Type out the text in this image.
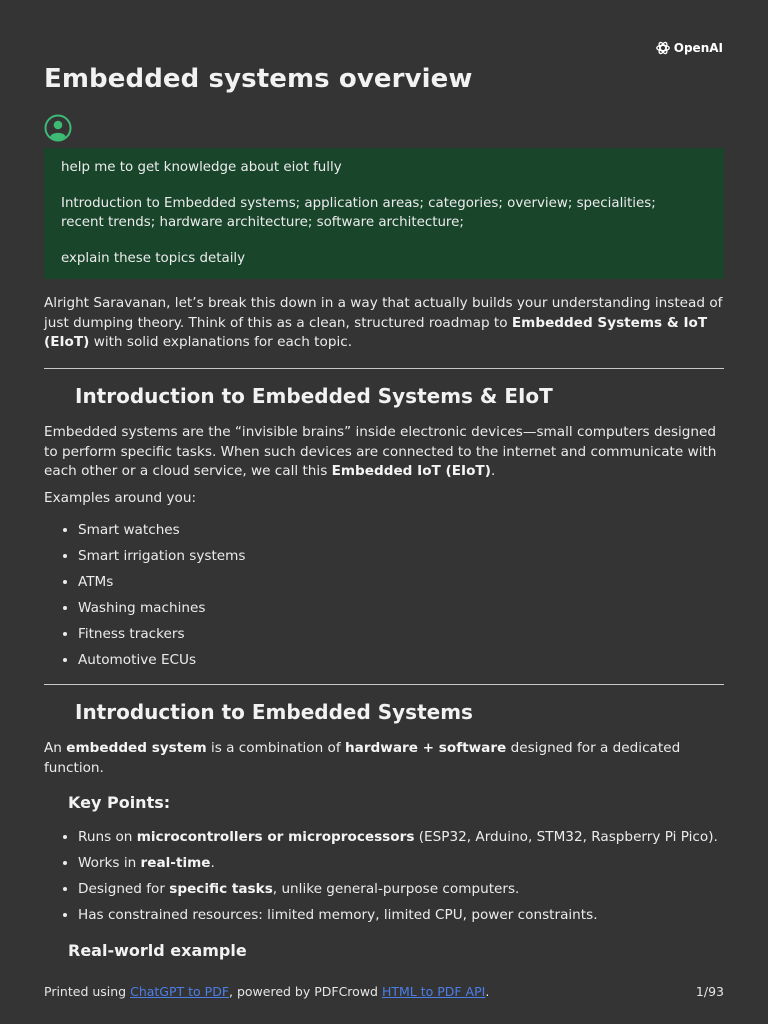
OpenAI
Embedded systems overview

help me to get knowledge about eiot fully

Introduction to Embedded systems; application areas; categories; overview; specialities;
recent trends; hardware architecture; software architecture;

explain these topics detaily

Alright Saravanan, let’s break this down in a way that actually builds your understanding instead of just dumping theory. Think of this as a clean, structured roadmap to Embedded Systems & IoT (EIoT) with solid explanations for each topic.

Introduction to Embedded Systems & EIoT

Embedded systems are the “invisible brains” inside electronic devices—small computers designed to perform specific tasks. When such devices are connected to the internet and communicate with each other or a cloud service, we call this Embedded IoT (EIoT).

Examples around you:

• Smart watches
• Smart irrigation systems
• ATMs
• Washing machines
• Fitness trackers
• Automotive ECUs
Introduction to Embedded Systems

An embedded system is a combination of hardware + software designed for a dedicated function.

Key Points:
• Runs on microcontrollers or microprocessors (ESP32, Arduino, STM32, Raspberry Pi Pico).
• Works in real-time.
• Designed for specific tasks, unlike general-purpose computers.
• Has constrained resources: limited memory, limited CPU, power constraints.
Real-world example
Printed using ChatGPT to PDF, powered by PDFCrowd HTML to PDF API.	1/93
